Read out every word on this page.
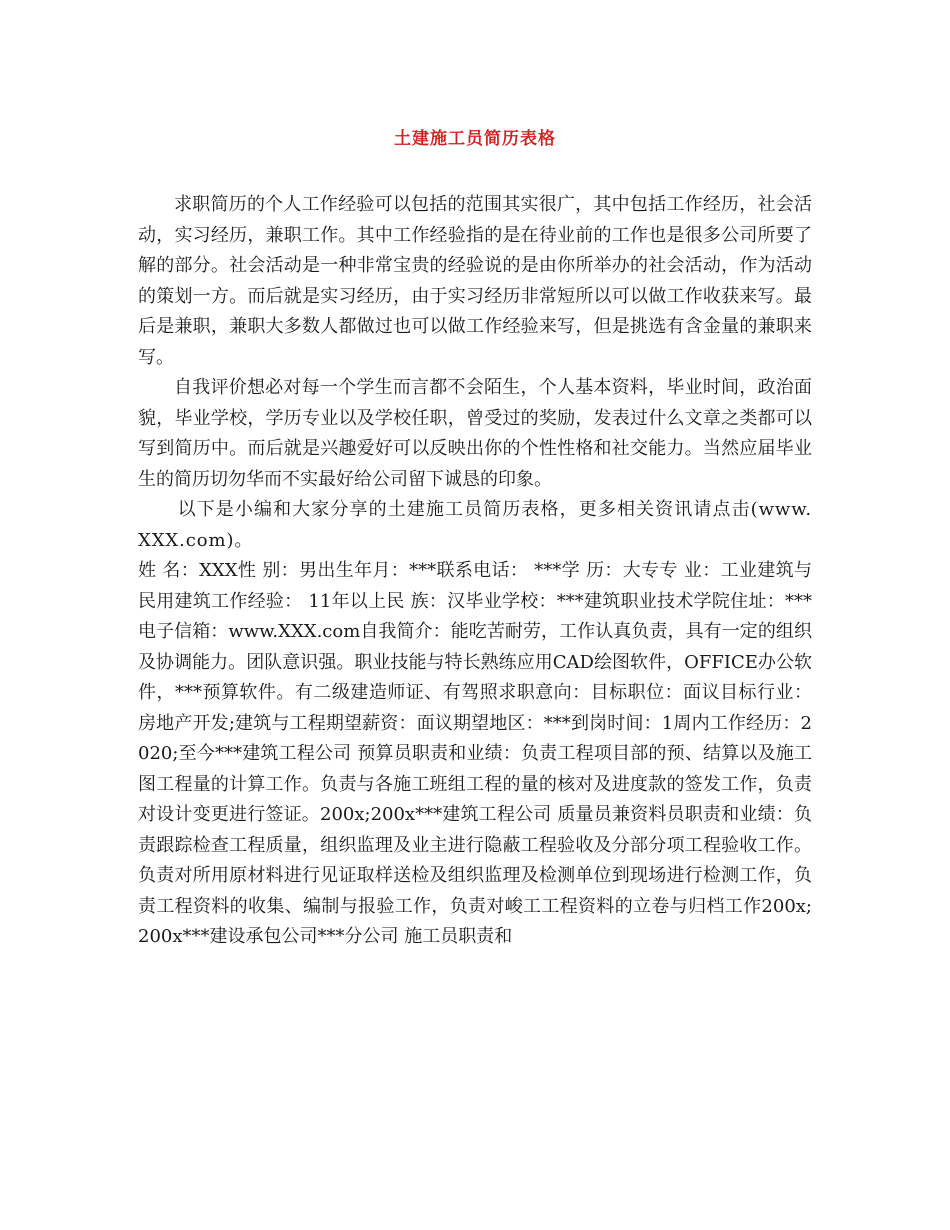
土建施工员简历表格

求职简历的个人工作经验可以包括的范围其实很广，其中包括工作经历，社会活动，实习经历，兼职工作。其中工作经验指的是在待业前的工作也是很多公司所要了解的部分。社会活动是一种非常宝贵的经验说的是由你所举办的社会活动，作为活动的策划一方。而后就是实习经历，由于实习经历非常短所以可以做工作收获来写。最后是兼职，兼职大多数人都做过也可以做工作经验来写，但是挑选有含金量的兼职来写。

自我评价想必对每一个学生而言都不会陌生，个人基本资料，毕业时间，政治面貌，毕业学校，学历专业以及学校任职，曾受过的奖励，发表过什么文章之类都可以写到简历中。而后就是兴趣爱好可以反映出你的个性性格和社交能力。当然应届毕业生的简历切勿华而不实最好给公司留下诚恳的印象。

以下是小编和大家分享的土建施工员简历表格，更多相关资讯请点击(www.XXX.com)。

姓 名：XXX性 别：男出生年月：***联系电话： ***学 历：大专专 业：工业建筑与民用建筑工作经验： 11年以上民 族：汉毕业学校：***建筑职业技术学院住址：***电子信箱：www.XXX.com自我简介：能吃苦耐劳，工作认真负责，具有一定的组织及协调能力。团队意识强。职业技能与特长熟练应用CAD绘图软件，OFFICE办公软件，***预算软件。有二级建造师证、有驾照求职意向：目标职位：面议目标行业：房地产开发;建筑与工程期望薪资：面议期望地区：***到岗时间：1周内工作经历：2020;至今***建筑工程公司 预算员职责和业绩：负责工程项目部的预、结算以及施工图工程量的计算工作。负责与各施工班组工程的量的核对及进度款的签发工作，负责对设计变更进行签证。200x;200x***建筑工程公司 质量员兼资料员职责和业绩：负责跟踪检查工程质量，组织监理及业主进行隐蔽工程验收及分部分项工程验收工作。负责对所用原材料进行见证取样送检及组织监理及检测单位到现场进行检测工作，负责工程资料的收集、编制与报验工作，负责对峻工工程资料的立卷与归档工作200x;200x***建设承包公司***分公司 施工员职责和
